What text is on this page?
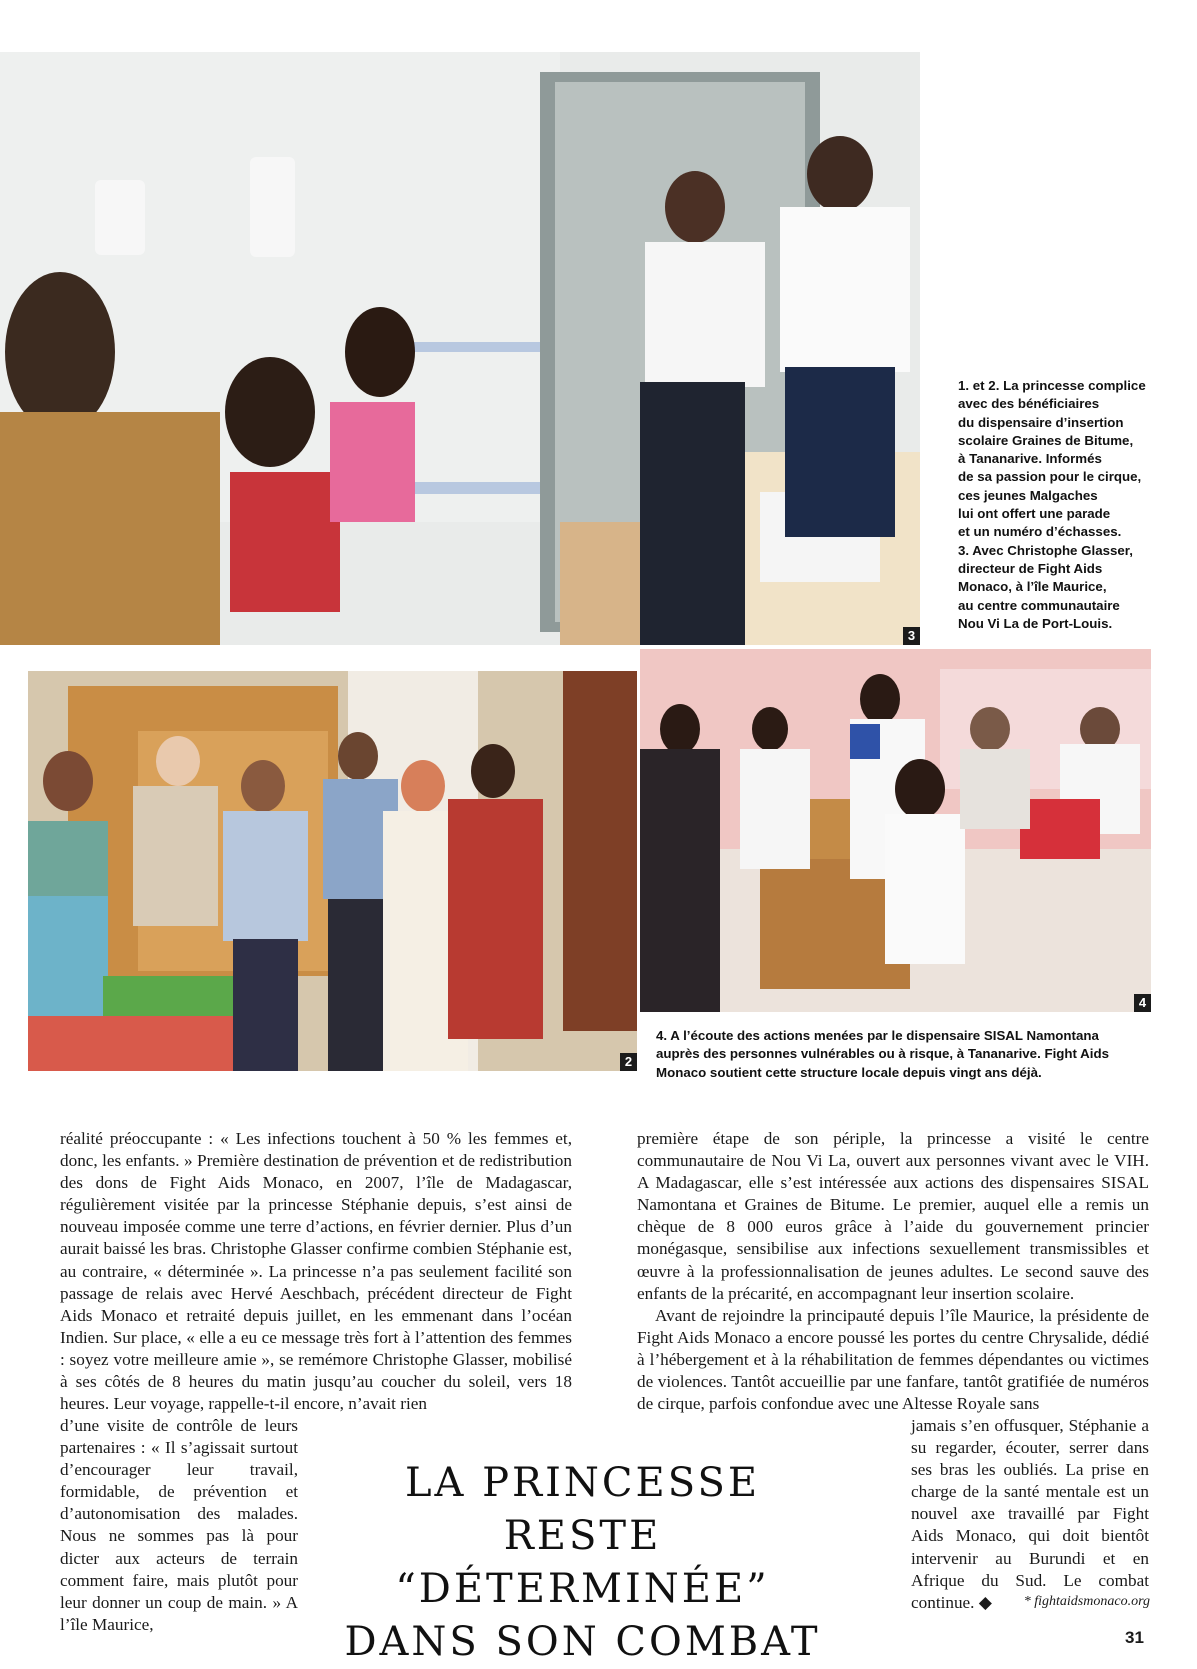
3

1. et 2. La princesse complice

avec des bénéficiaires

du dispensaire d’insertion

scolaire Graines de Bitume,

à Tananarive. Informés

de sa passion pour le cirque,

ces jeunes Malgaches

lui ont offert une parade

et un numéro d’échasses.

3. Avec Christophe Glasser,

directeur de Fight Aids

Monaco, à l’île Maurice,

au centre communautaire

Nou Vi La de Port-Louis.

2
4

4. A l’écoute des actions menées par le dispensaire SISAL Namontana

auprès des personnes vulnérables ou à risque, à Tananarive. Fight Aids

Monaco soutient cette structure locale depuis vingt ans déjà.

réalité préoccupante : « Les infections touchent à 50 % les femmes et, donc, les enfants. » Première destination de prévention et de redistribution des dons de Fight Aids Monaco, en 2007, l’île de Madagascar, régulièrement visitée par la princesse Stéphanie depuis, s’est ainsi de nouveau imposée comme une terre d’actions, en février dernier. Plus d’un aurait baissé les bras. Christophe Glasser confirme combien Stéphanie est, au contraire, « déterminée ». La princesse n’a pas seulement facilité son passage de relais avec Hervé Aeschbach, précédent directeur de Fight Aids Monaco et retraité depuis juillet, en les emmenant dans l’océan Indien. Sur place, « elle a eu ce message très fort à l’attention des femmes : soyez votre meilleure amie », se remémore Christophe Glasser, mobilisé à ses côtés de 8 heures du matin jusqu’au coucher du soleil, vers 18 heures. Leur voyage, rappelle-t-il encore, n’avait rien

d’une visite de contrôle de leurs partenaires : « Il s’agissait surtout d’encourager leur travail, formidable, de prévention et d’autonomisation des malades. Nous ne sommes pas là pour dicter aux acteurs de terrain comment faire, mais plutôt pour leur donner un coup de main. » A l’île Maurice,

première étape de son périple, la princesse a visité le centre communautaire de Nou Vi La, ouvert aux personnes vivant avec le VIH. A Madagascar, elle s’est intéressée aux actions des dispensaires SISAL Namontana et Graines de Bitume. Le premier, auquel elle a remis un chèque de 8 000 euros grâce à l’aide du gouvernement princier monégasque, sensibilise aux infections sexuellement transmissibles et œuvre à la professionnalisation de jeunes adultes. Le second sauve des enfants de la précarité, en accompagnant leur insertion scolaire.

Avant de rejoindre la principauté depuis l’île Maurice, la présidente de Fight Aids Monaco a encore poussé les portes du centre Chrysalide, dédié à l’hébergement et à la réhabilitation de femmes dépendantes ou victimes de violences. Tantôt accueillie par une fanfare, tantôt gratifiée de numéros de cirque, parfois confondue avec une Altesse Royale sans

jamais s’en offusquer, Stéphanie a su regarder, écouter, serrer dans ses bras les oubliés. La prise en charge de la santé mentale est un nouvel axe travaillé par Fight Aids Monaco, qui doit bientôt intervenir au Burundi et en Afrique du Sud. Le combat continue. ◆

LA PRINCESSE
RESTE “DÉTERMINÉE”
DANS SON COMBAT
* fightaidsmonaco.org
31
